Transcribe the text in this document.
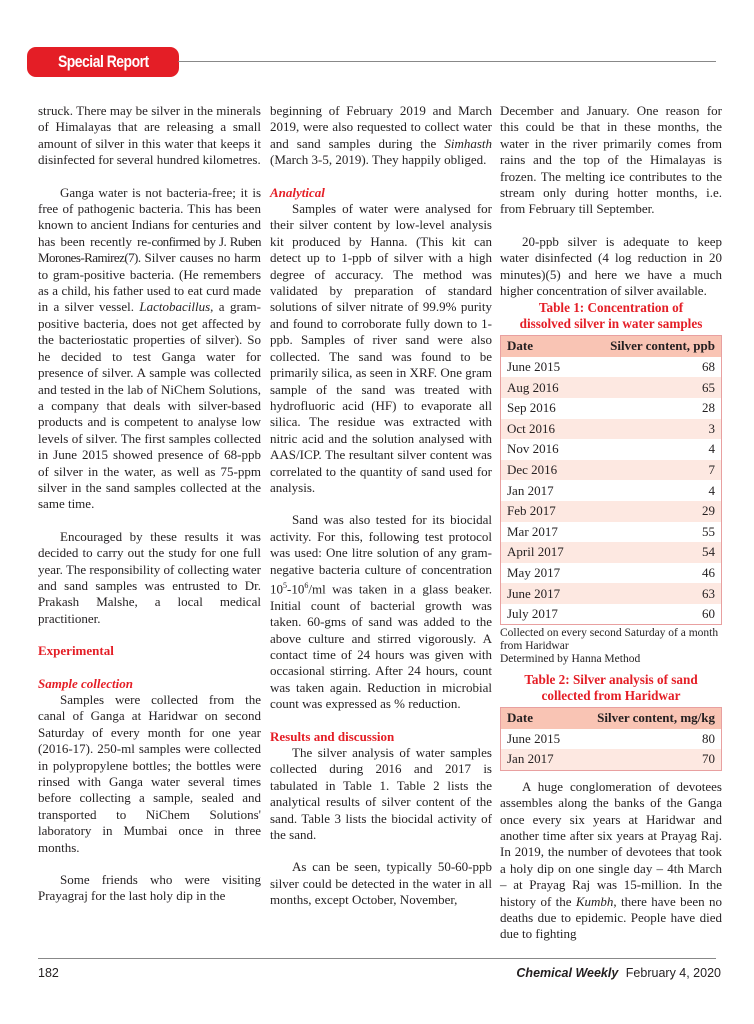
Special Report

struck. There may be silver in the minerals of Himalayas that are releasing a small amount of silver in this water that keeps it disinfected for several hundred kilometres.

Ganga water is not bacteria-free; it is free of pathogenic bacteria. This has been known to ancient Indians for centuries and has been recently re-confirmed by J. Ruben Morones-Ramirez(7). Silver causes no harm to gram-positive bacteria. (He remembers as a child, his father used to eat curd made in a silver vessel. Lactobacillus, a gram-positive bacteria, does not get affected by the bacteriostatic properties of silver). So he decided to test Ganga water for presence of silver. A sample was collected and tested in the lab of NiChem Solutions, a company that deals with silver-based products and is competent to analyse low levels of silver. The first samples collected in June 2015 showed presence of 68-ppb of silver in the water, as well as 75-ppm silver in the sand samples collected at the same time.

Encouraged by these results it was decided to carry out the study for one full year. The responsibility of collecting water and sand samples was entrusted to Dr. Prakash Malshe, a local medical practitioner.

Experimental
Sample collection

Samples were collected from the canal of Ganga at Haridwar on second Saturday of every month for one year (2016-17). 250-ml samples were collected in polypropylene bottles; the bottles were rinsed with Ganga water several times before collecting a sample, sealed and transported to NiChem Solutions' laboratory in Mumbai once in three months.

Some friends who were visiting Prayagraj for the last holy dip in the

beginning of February 2019 and March 2019, were also requested to collect water and sand samples during the Simhasth (March 3-5, 2019). They happily obliged.

Analytical

Samples of water were analysed for their silver content by low-level analysis kit produced by Hanna. (This kit can detect up to 1-ppb of silver with a high degree of accuracy. The method was validated by preparation of standard solutions of silver nitrate of 99.9% purity and found to corroborate fully down to 1-ppb. Samples of river sand were also collected. The sand was found to be primarily silica, as seen in XRF. One gram sample of the sand was treated with hydrofluoric acid (HF) to evaporate all silica. The residue was extracted with nitric acid and the solution analysed with AAS/ICP. The resultant silver content was correlated to the quantity of sand used for analysis.

Sand was also tested for its biocidal activity. For this, following test protocol was used: One litre solution of any gram-negative bacteria culture of concentration $10^5-10^6/ml$ was taken in a glass beaker. Initial count of bacterial growth was taken. 60-gms of sand was added to the above culture and stirred vigorously. A contact time of 24 hours was given with occasional stirring. After 24 hours, count was taken again. Reduction in microbial count was expressed as % reduction.

Results and discussion

The silver analysis of water samples collected during 2016 and 2017 is tabulated in Table 1. Table 2 lists the analytical results of silver content of the sand. Table 3 lists the biocidal activity of the sand.

As can be seen, typically 50-60-ppb silver could be detected in the water in all months, except October, November,

December and January. One reason for this could be that in these months, the water in the river primarily comes from rains and the top of the Himalayas is frozen. The melting ice contributes to the stream only during hotter months, i.e. from February till September.

20-ppb silver is adequate to keep water disinfected (4 log reduction in 20 minutes)(5) and here we have a much higher concentration of silver available.

Table 1: Concentration of dissolved silver in water samples
Date	Silver content, ppb
June 2015	68
Aug 2016	65
Sep 2016	28
Oct 2016	3
Nov 2016	4
Dec 2016	7
Jan 2017	4
Feb 2017	29
Mar 2017	55
April 2017	54
May 2017	46
June 2017	63
July 2017	60
Collected on every second Saturday of a month from Haridwar
Determined by Hanna Method
Table 2: Silver analysis of sand collected from Haridwar
Date	Silver content, mg/kg
June 2015	80
Jan 2017	70

A huge conglomeration of devotees assembles along the banks of the Ganga once every six years at Haridwar and another time after six years at Prayag Raj. In 2019, the number of devotees that took a holy dip on one single day – 4th March – at Prayag Raj was 15-million. In the history of the Kumbh, there have been no deaths due to epidemic. People have died due to fighting

182	Chemical Weekly February 4, 2020
